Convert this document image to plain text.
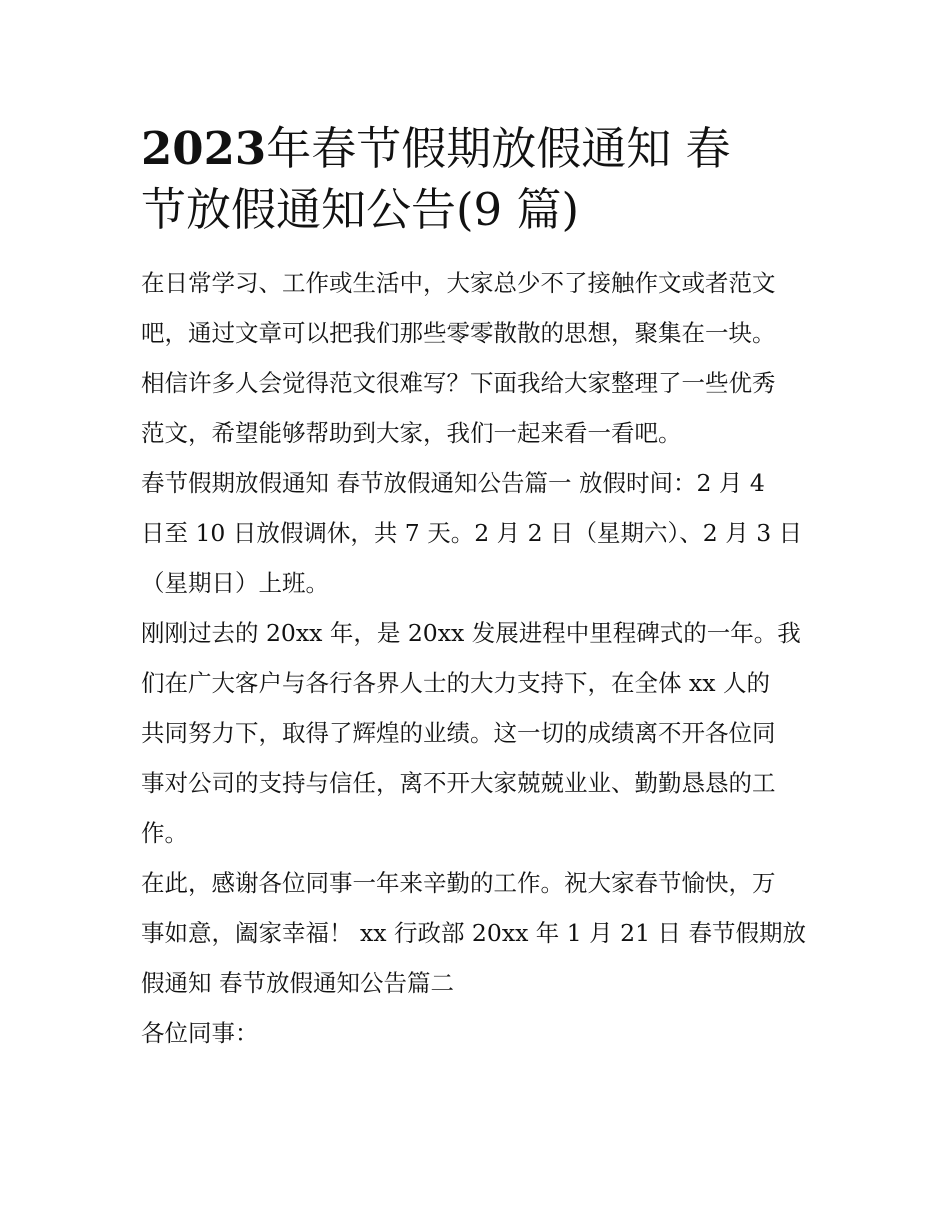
2023年春节假期放假通知 春
节放假通知公告(9 篇)

在日常学习、工作或生活中，大家总少不了接触作文或者范文
吧，通过文章可以把我们那些零零散散的思想，聚集在一块。
相信许多人会觉得范文很难写？下面我给大家整理了一些优秀
范文，希望能够帮助到大家，我们一起来看一看吧。

春节假期放假通知 春节放假通知公告篇一 放假时间：2 月 4
日至 10 日放假调休，共 7 天。2 月 2 日（星期六）、2 月 3 日
（星期日）上班。

刚刚过去的 20xx 年，是 20xx 发展进程中里程碑式的一年。我
们在广大客户与各行各界人士的大力支持下，在全体 xx 人的
共同努力下，取得了辉煌的业绩。这一切的成绩离不开各位同
事对公司的支持与信任，离不开大家兢兢业业、勤勤恳恳的工
作。

在此，感谢各位同事一年来辛勤的工作。祝大家春节愉快，万
事如意，阖家幸福！ xx 行政部 20xx 年 1 月 21 日 春节假期放
假通知 春节放假通知公告篇二

各位同事：
